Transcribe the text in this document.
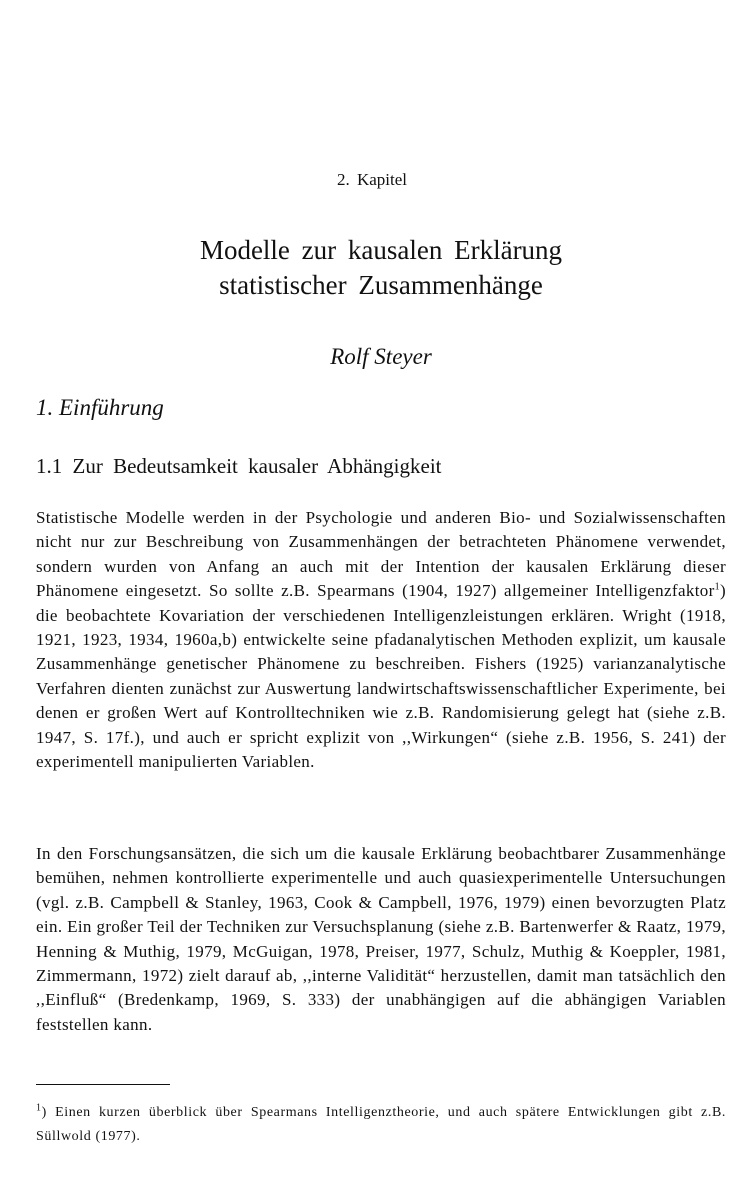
2. Kapitel
Modelle zur kausalen Erklärung
statistischer Zusammenhänge
Rolf Steyer
1. Einführung
1.1 Zur Bedeutsamkeit kausaler Abhängigkeit

Statistische Modelle werden in der Psychologie und anderen Bio- und Sozialwissenschaften nicht nur zur Beschreibung von Zusammenhängen der betrachteten Phänomene verwendet, sondern wurden von Anfang an auch mit der Intention der kausalen Erklärung dieser Phänomene eingesetzt. So sollte z.B. Spearmans (1904, 1927) allgemeiner Intelligenzfaktor$^1$) die beobachtete Kovariation der verschiedenen Intelligenzleistungen erklären. Wright (1918, 1921, 1923, 1934, 1960a,b) entwickelte seine pfadanalytischen Methoden explizit, um kausale Zusammenhänge genetischer Phänomene zu beschreiben. Fishers (1925) varianzanalytische Verfahren dienten zunächst zur Auswertung landwirtschaftswissenschaftlicher Experimente, bei denen er großen Wert auf Kontrolltechniken wie z.B. Randomisierung gelegt hat (siehe z.B. 1947, S. 17f.), und auch er spricht explizit von ,,Wirkungen“ (siehe z.B. 1956, S. 241) der experimentell manipulierten Variablen.

In den Forschungsansätzen, die sich um die kausale Erklärung beobachtbarer Zusammenhänge bemühen, nehmen kontrollierte experimentelle und auch quasiexperimentelle Untersuchungen (vgl. z.B. Campbell & Stanley, 1963, Cook & Campbell, 1976, 1979) einen bevorzugten Platz ein. Ein großer Teil der Techniken zur Versuchsplanung (siehe z.B. Bartenwerfer & Raatz, 1979, Henning & Muthig, 1979, McGuigan, 1978, Preiser, 1977, Schulz, Muthig & Koeppler, 1981, Zimmermann, 1972) zielt darauf ab, ,,interne Validität“ herzustellen, damit man tatsächlich den ,,Einfluß“ (Bredenkamp, 1969, S. 333) der unabhängigen auf die abhängigen Variablen feststellen kann.

$^1$) Einen kurzen überblick über Spearmans Intelligenztheorie, und auch spätere Entwicklungen gibt z.B. Süllwold (1977).
